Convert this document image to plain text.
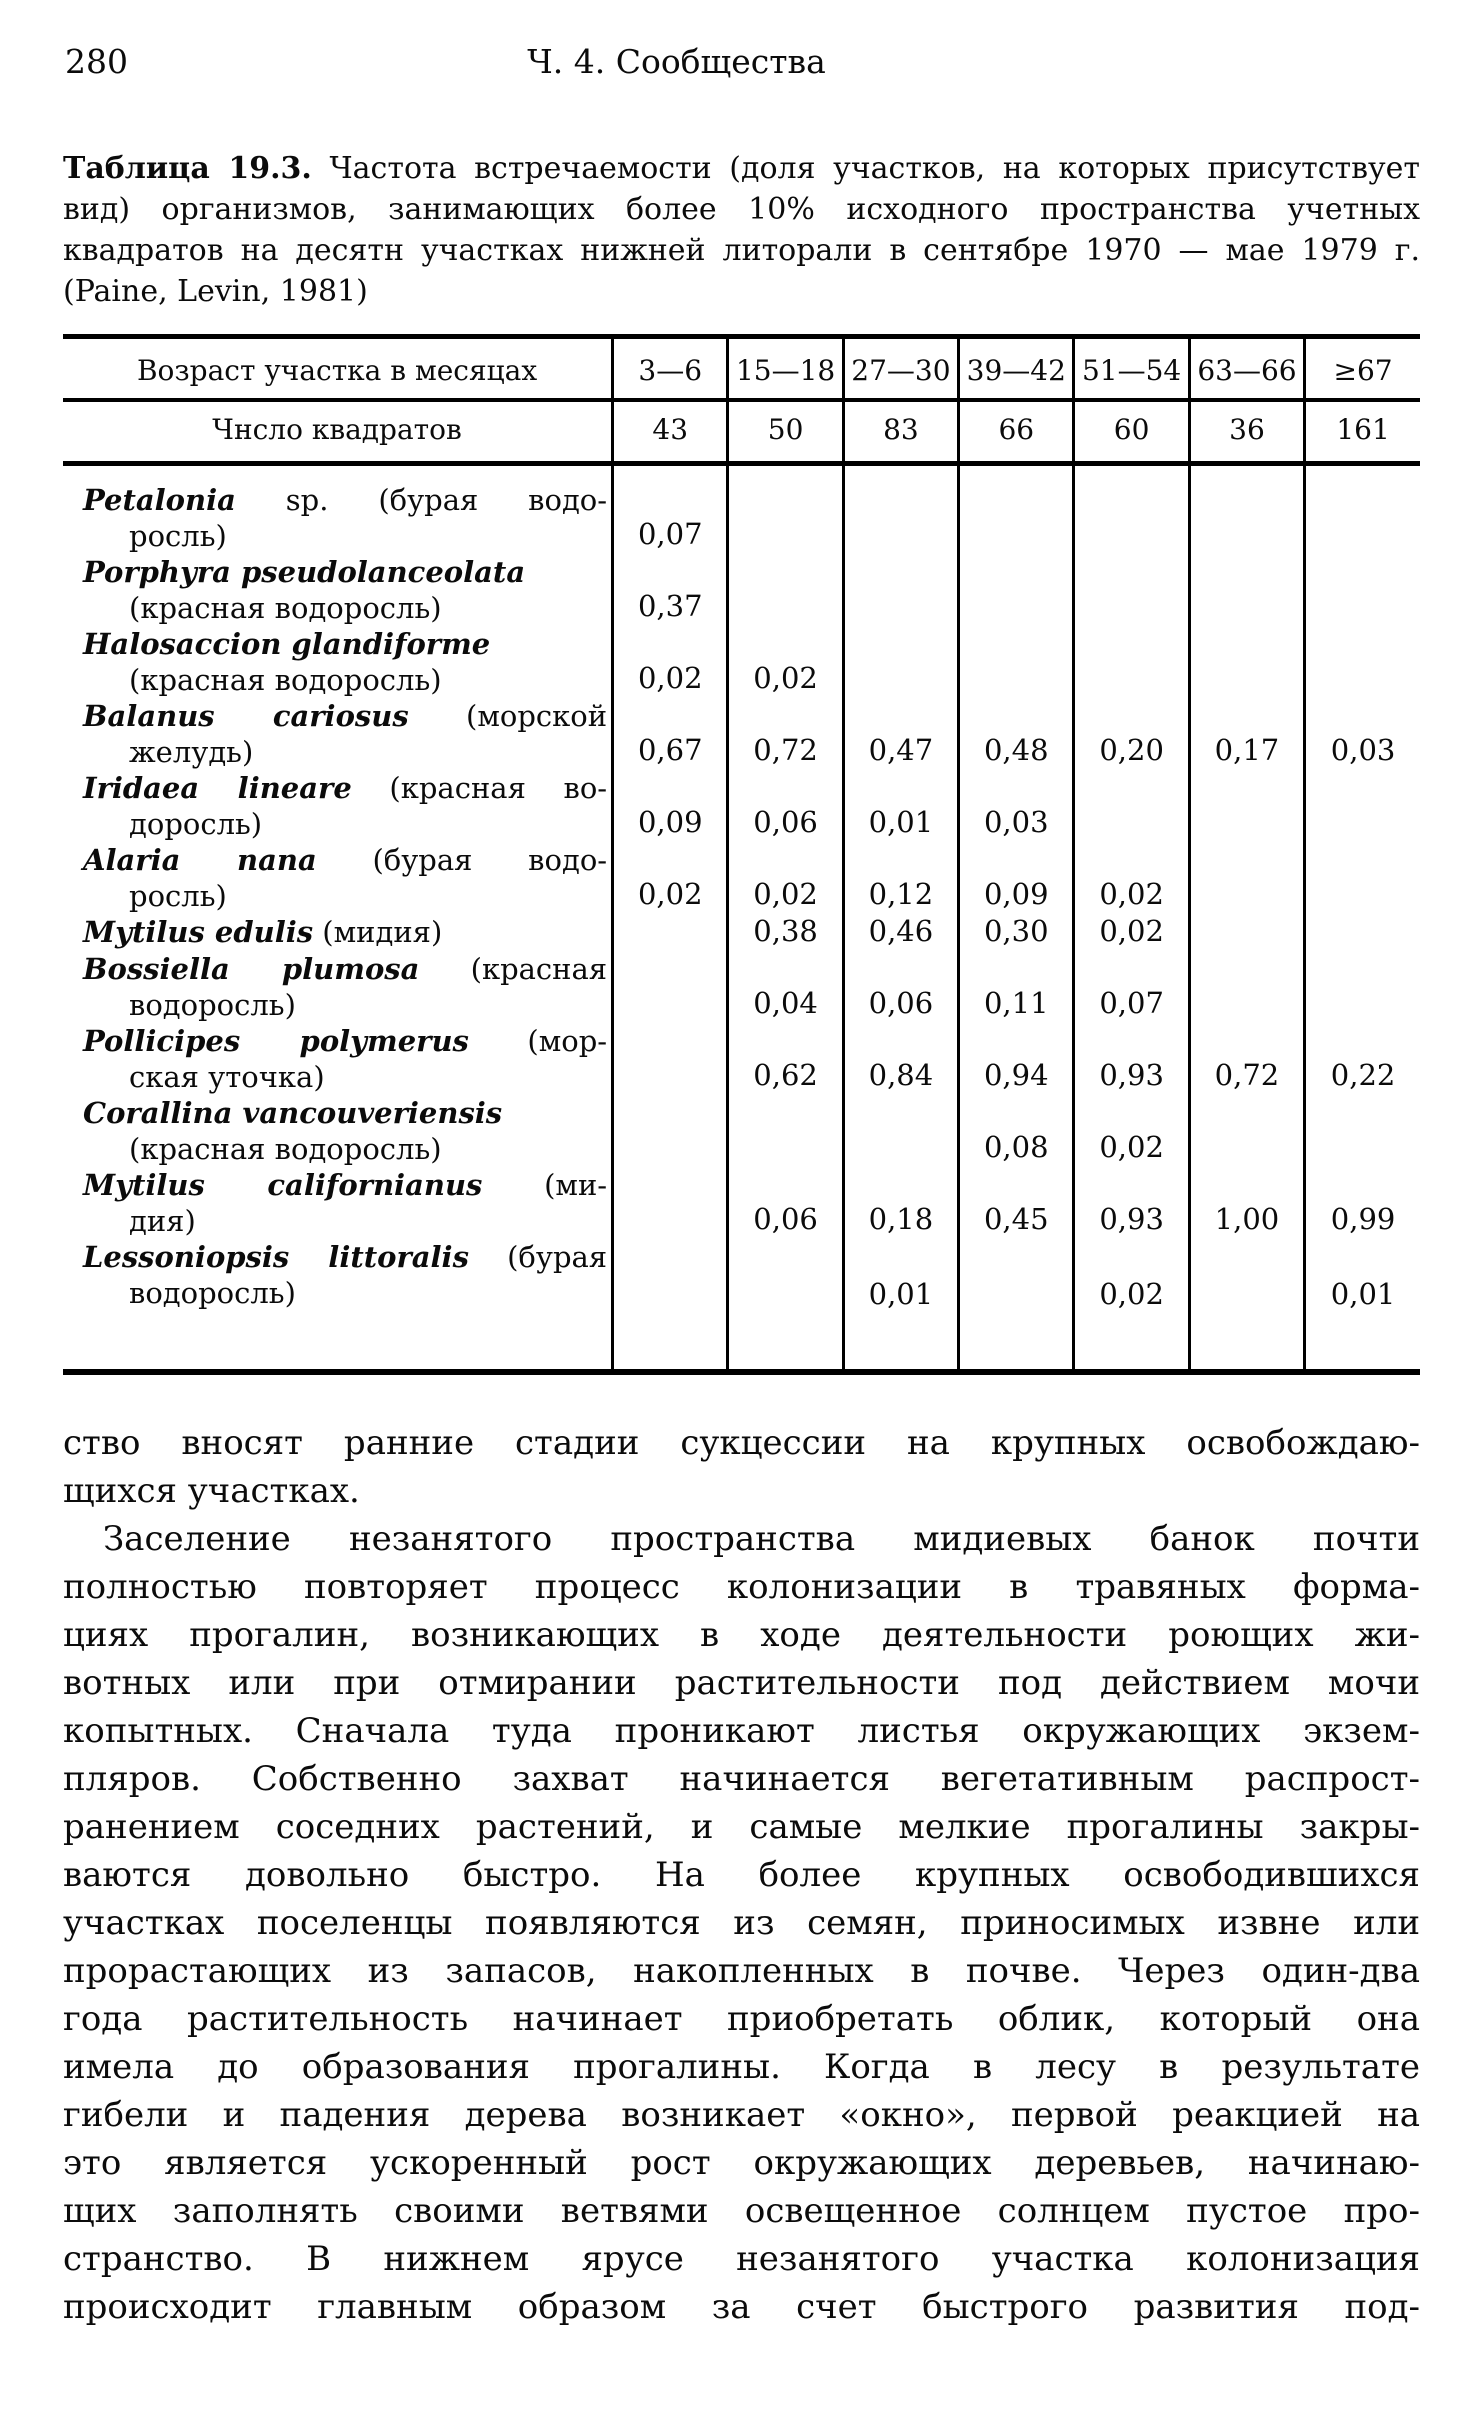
280	Ч. 4. Сообщества
Таблица 19.3. Частота встречаемости (доля участков, на которых присутствует
вид) организмов, занимающих более 10% исходного пространства учетных
квадратов на десятн участках нижней литорали в сентябре 1970 — мае 1979 г.
(Paine, Levin, 1981)
Возраст участка в месяцах	3—6	15—18	27—30	39—42	51—54	63—66	≥67
Чнсло квадратов	43	50	83	66	60	36	161

Petalonia sp. (бурая водо-
росль)	0,07						

Porphyra pseudolanceolata
(красная водоросль)	0,37						

Halosaccion glandiforme
(красная водоросль)	0,02	0,02					

Balanus cariosus (морской
желудь)	0,67	0,72	0,47	0,48	0,20	0,17	0,03

Iridaea lineare (красная во-
доросль)	0,09	0,06	0,01	0,03			

Alaria nana (бурая водо-
росль)	0,02	0,02	0,12	0,09	0,02		

Mytilus edulis (мидия)		0,38	0,46	0,30	0,02		

Bossiella plumosa (красная
водоросль)		0,04	0,06	0,11	0,07		

Pollicipes polymerus (мор-
ская уточка)		0,62	0,84	0,94	0,93	0,72	0,22

Corallina vancouveriensis
(красная водоросль)				0,08	0,02		

Mytilus californianus (ми-
дия)		0,06	0,18	0,45	0,93	1,00	0,99

Lessoniopsis littoralis (бурая
водоросль)			0,01		0,02		0,01
ство вносят ранние стадии сукцессии на крупных освобождаю-
щихся участках.
Заселение незанятого пространства мидиевых банок почти
полностью повторяет процесс колонизации в травяных форма-
циях прогалин, возникающих в ходе деятельности роющих жи-
вотных или при отмирании растительности под действием мочи
копытных. Сначала туда проникают листья окружающих экзем-
пляров. Собственно захват начинается вегетативным распрост-
ранением соседних растений, и самые мелкие прогалины закры-
ваются довольно быстро. На более крупных освободившихся
участках поселенцы появляются из семян, приносимых извне или
прорастающих из запасов, накопленных в почве. Через один-два
года растительность начинает приобретать облик, который она
имела до образования прогалины. Когда в лесу в результате
гибели и падения дерева возникает «окно», первой реакцией на
это является ускоренный рост окружающих деревьев, начинаю-
щих заполнять своими ветвями освещенное солнцем пустое про-
странство. В нижнем ярусе незанятого участка колонизация
происходит главным образом за счет быстрого развития под-
